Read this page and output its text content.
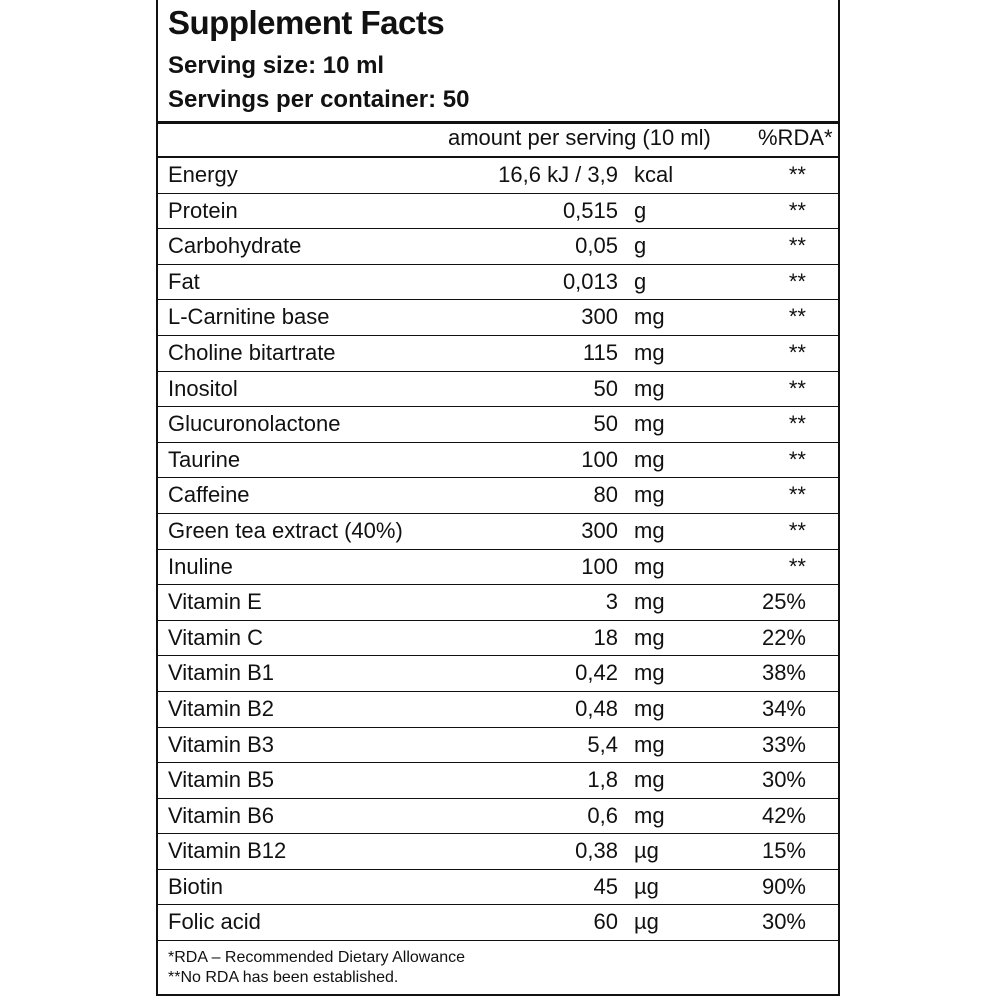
Supplement Facts
Serving size: 10 ml
Servings per container: 50
amount per serving (10 ml) %RDA*
Energy	16,6 kJ / 3,9 kcal	**
Protein	0,515 g	**
Carbohydrate	0,05 g	**
Fat	0,013 g	**
L-Carnitine base	300 mg	**
Choline bitartrate	115 mg	**
Inositol	50 mg	**
Glucuronolactone	50 mg	**
Taurine	100 mg	**
Caffeine	80 mg	**
Green tea extract (40%)	300 mg	**
Inuline	100 mg	**
Vitamin E	3 mg	25%
Vitamin C	18 mg	22%
Vitamin B1	0,42 mg	38%
Vitamin B2	0,48 mg	34%
Vitamin B3	5,4 mg	33%
Vitamin B5	1,8 mg	30%
Vitamin B6	0,6 mg	42%
Vitamin B12	0,38 µg	15%
Biotin	45 µg	90%
Folic acid	60 µg	30%
*RDA – Recommended Dietary Allowance
**No RDA has been established.
